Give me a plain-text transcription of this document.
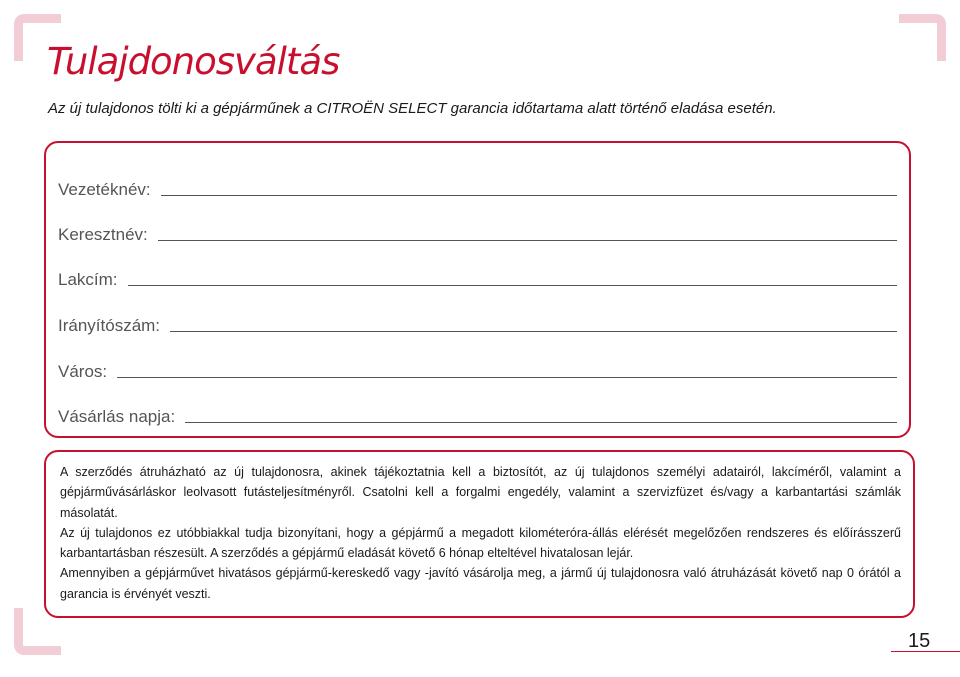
Tulajdonosváltás

Az új tulajdonos tölti ki a gépjárműnek a CITROËN SELECT garancia időtartama alatt történő eladása esetén.

Vezetéknév:
Keresztnév:
Lakcím:
Irányítószám:
Város:
Vásárlás napja:

A szerződés átruházható az új tulajdonosra, akinek tájékoztatnia kell a biztosítót, az új tulajdonos személyi adatairól, lakcíméről, valamint a gépjárművásárláskor leolvasott futásteljesítményről. Csatolni kell a forgalmi engedély, valamint a szervizfüzet és/vagy a karbantartási számlák másolatát.

Az új tulajdonos ez utóbbiakkal tudja bizonyítani, hogy a gépjármű a megadott kilométeróra-állás elérését megelőzően rendszeres és előírásszerű karbantartásban részesült. A szerződés a gépjármű eladását követő 6 hónap elteltével hivatalosan lejár.

Amennyiben a gépjárművet hivatásos gépjármű-kereskedő vagy -javító vásárolja meg, a jármű új tulajdonosra való átruházását követő nap 0 órától a garancia is érvényét veszti.

15
